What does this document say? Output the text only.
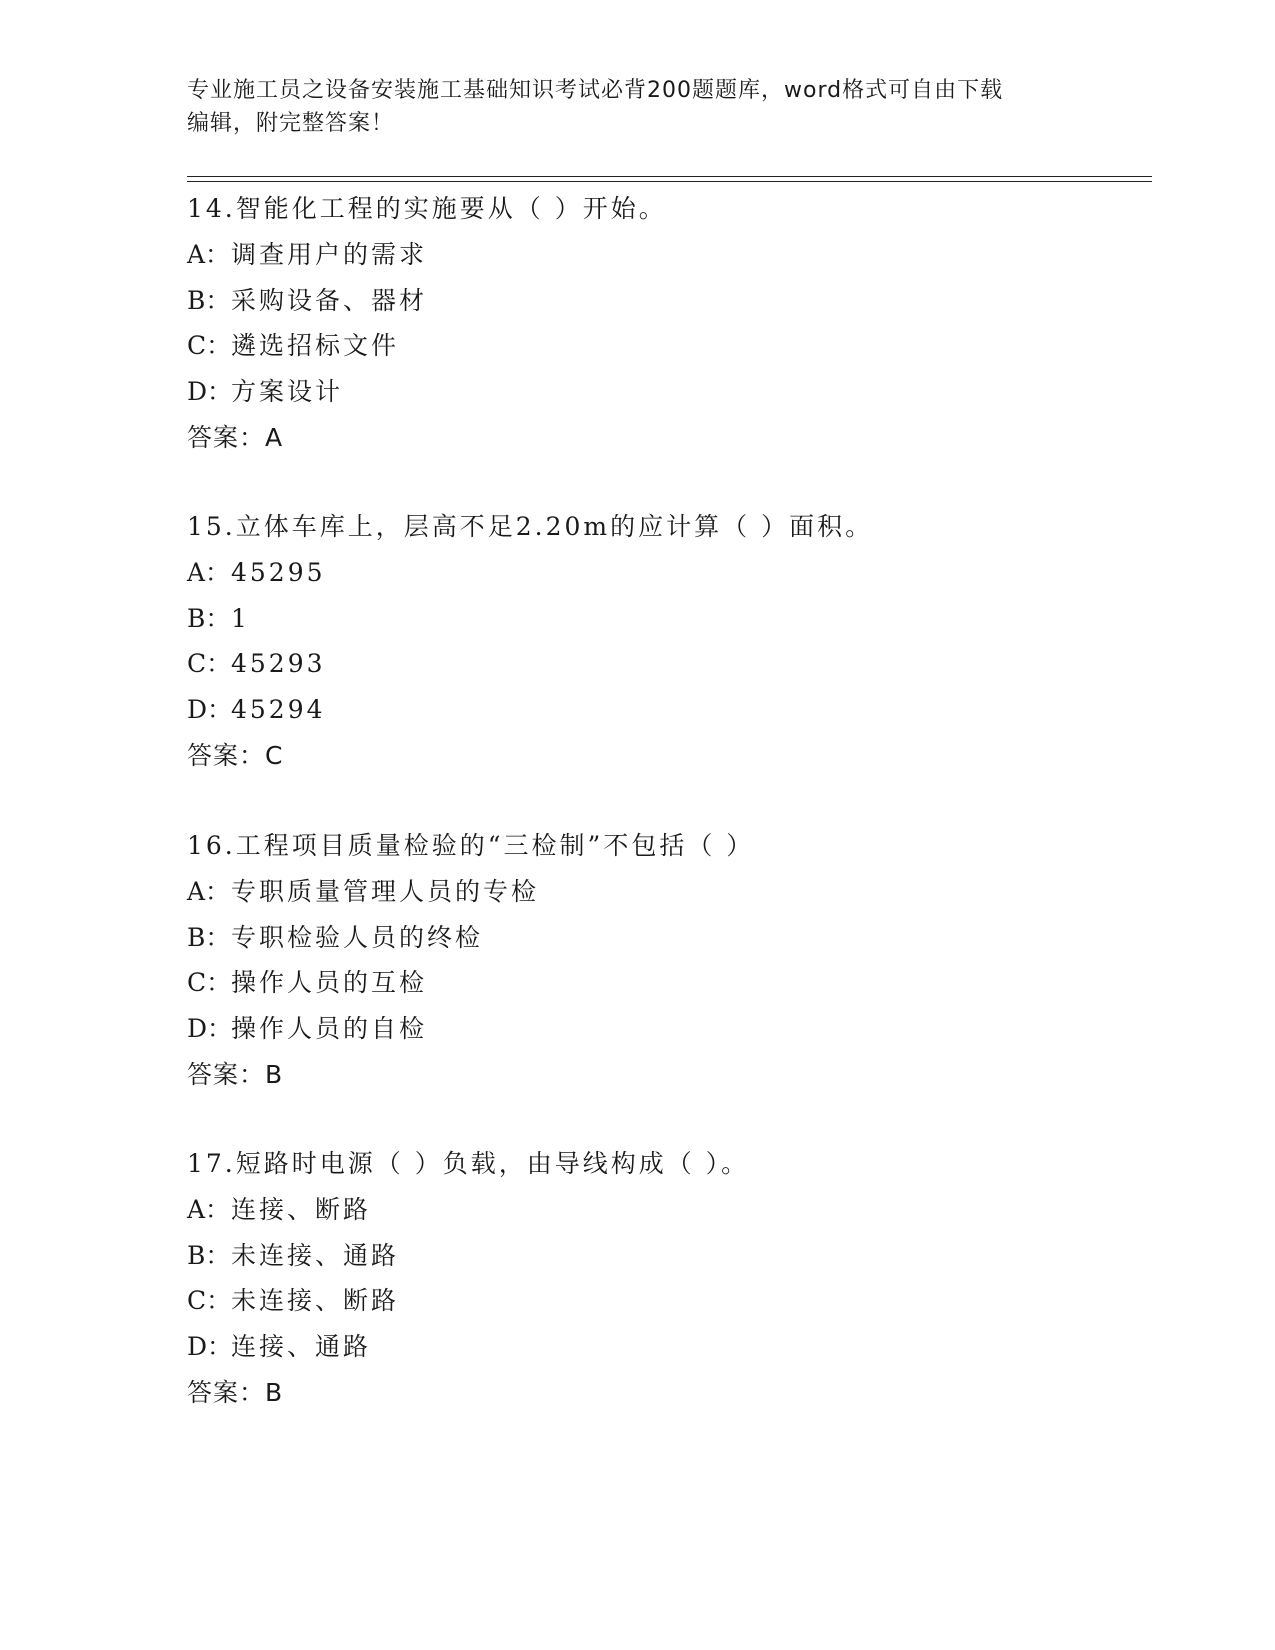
专业施工员之设备安装施工基础知识考试必背200题题库，word格式可自由下载
编辑，附完整答案！
14.智能化工程的实施要从（ ）开始。
A：调查用户的需求
B：采购设备、器材
C：遴选招标文件
D：方案设计
答案：A
15.立体车库上，层高不足2.20m的应计算（ ）面积。
A：45295
B：1
C：45293
D：45294
答案：C
16.工程项目质量检验的“三检制”不包括（ ）
A：专职质量管理人员的专检
B：专职检验人员的终检
C：操作人员的互检
D：操作人员的自检
答案：B
17.短路时电源（ ）负载，由导线构成（ ）。
A：连接、断路
B：未连接、通路
C：未连接、断路
D：连接、通路
答案：B
